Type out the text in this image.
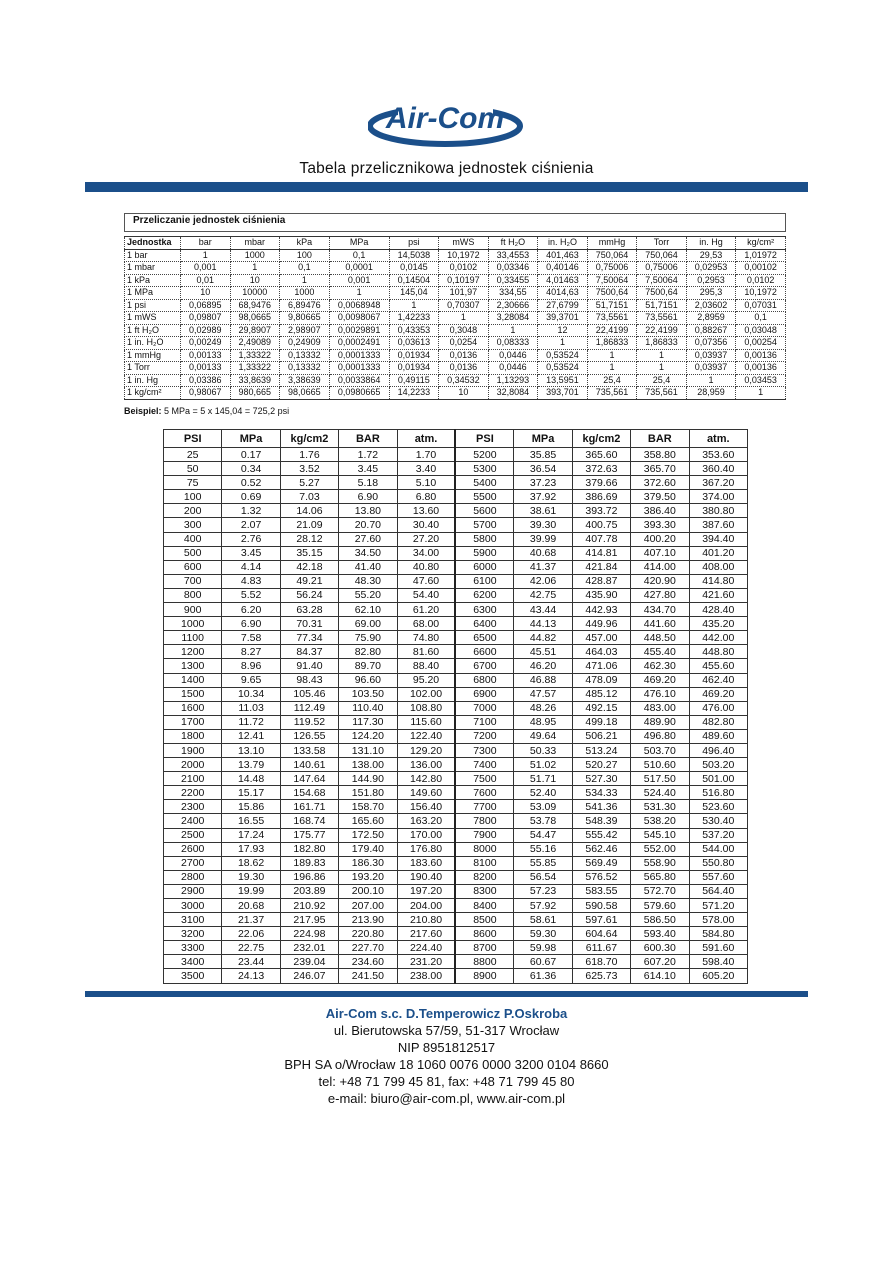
Air-Com
Tabela przelicznikowa jednostek ciśnienia
Przeliczanie jednostek ciśnienia
Jednostka	bar	mbar	kPa	MPa	psi	mWS	ft H₂O	in. H₂O	mmHg	Torr	in. Hg	kg/cm²
1 bar	1	1000	100	0,1	14,5038	10,1972	33,4553	401,463	750,064	750,064	29,53	1,01972
1 mbar	0,001	1	0,1	0,0001	0,0145	0,0102	0,03346	0,40146	0,75006	0,75006	0,02953	0,00102
1 kPa	0,01	10	1	0,001	0,14504	0,10197	0,33455	4,01463	7,50064	7,50064	0,2953	0,0102
1 MPa	10	10000	1000	1	145,04	101,97	334,55	4014,63	7500,64	7500,64	295,3	10,1972
1 psi	0,06895	68,9476	6,89476	0,0068948	1	0,70307	2,30666	27,6799	51,7151	51,7151	2,03602	0,07031
1 mWS	0,09807	98,0665	9,80665	0,0098067	1,42233	1	3,28084	39,3701	73,5561	73,5561	2,8959	0,1
1 ft H₂O	0,02989	29,8907	2,98907	0,0029891	0,43353	0,3048	1	12	22,4199	22,4199	0,88267	0,03048
1 in. H₂O	0,00249	2,49089	0,24909	0,0002491	0,03613	0,0254	0,08333	1	1,86833	1,86833	0,07356	0,00254
1 mmHg	0,00133	1,33322	0,13332	0,0001333	0,01934	0,0136	0,0446	0,53524	1	1	0,03937	0,00136
1 Torr	0,00133	1,33322	0,13332	0,0001333	0,01934	0,0136	0,0446	0,53524	1	1	0,03937	0,00136
1 in. Hg	0,03386	33,8639	3,38639	0,0033864	0,49115	0,34532	1,13293	13,5951	25,4	25,4	1	0,03453
1 kg/cm²	0,98067	980,665	98,0665	0,0980665	14,2233	10	32,8084	393,701	735,561	735,561	28,959	1
Beispiel: 5 MPa = 5 x 145,04 = 725,2 psi
PSI	MPa	kg/cm2	BAR	atm.	PSI	MPa	kg/cm2	BAR	atm.
25	0.17	1.76	1.72	1.70	5200	35.85	365.60	358.80	353.60
50	0.34	3.52	3.45	3.40	5300	36.54	372.63	365.70	360.40
75	0.52	5.27	5.18	5.10	5400	37.23	379.66	372.60	367.20
100	0.69	7.03	6.90	6.80	5500	37.92	386.69	379.50	374.00
200	1.32	14.06	13.80	13.60	5600	38.61	393.72	386.40	380.80
300	2.07	21.09	20.70	30.40	5700	39.30	400.75	393.30	387.60
400	2.76	28.12	27.60	27.20	5800	39.99	407.78	400.20	394.40
500	3.45	35.15	34.50	34.00	5900	40.68	414.81	407.10	401.20
600	4.14	42.18	41.40	40.80	6000	41.37	421.84	414.00	408.00
700	4.83	49.21	48.30	47.60	6100	42.06	428.87	420.90	414.80
800	5.52	56.24	55.20	54.40	6200	42.75	435.90	427.80	421.60
900	6.20	63.28	62.10	61.20	6300	43.44	442.93	434.70	428.40
1000	6.90	70.31	69.00	68.00	6400	44.13	449.96	441.60	435.20
1100	7.58	77.34	75.90	74.80	6500	44.82	457.00	448.50	442.00
1200	8.27	84.37	82.80	81.60	6600	45.51	464.03	455.40	448.80
1300	8.96	91.40	89.70	88.40	6700	46.20	471.06	462.30	455.60
1400	9.65	98.43	96.60	95.20	6800	46.88	478.09	469.20	462.40
1500	10.34	105.46	103.50	102.00	6900	47.57	485.12	476.10	469.20
1600	11.03	112.49	110.40	108.80	7000	48.26	492.15	483.00	476.00
1700	11.72	119.52	117.30	115.60	7100	48.95	499.18	489.90	482.80
1800	12.41	126.55	124.20	122.40	7200	49.64	506.21	496.80	489.60
1900	13.10	133.58	131.10	129.20	7300	50.33	513.24	503.70	496.40
2000	13.79	140.61	138.00	136.00	7400	51.02	520.27	510.60	503.20
2100	14.48	147.64	144.90	142.80	7500	51.71	527.30	517.50	501.00
2200	15.17	154.68	151.80	149.60	7600	52.40	534.33	524.40	516.80
2300	15.86	161.71	158.70	156.40	7700	53.09	541.36	531.30	523.60
2400	16.55	168.74	165.60	163.20	7800	53.78	548.39	538.20	530.40
2500	17.24	175.77	172.50	170.00	7900	54.47	555.42	545.10	537.20
2600	17.93	182.80	179.40	176.80	8000	55.16	562.46	552.00	544.00
2700	18.62	189.83	186.30	183.60	8100	55.85	569.49	558.90	550.80
2800	19.30	196.86	193.20	190.40	8200	56.54	576.52	565.80	557.60
2900	19.99	203.89	200.10	197.20	8300	57.23	583.55	572.70	564.40
3000	20.68	210.92	207.00	204.00	8400	57.92	590.58	579.60	571.20
3100	21.37	217.95	213.90	210.80	8500	58.61	597.61	586.50	578.00
3200	22.06	224.98	220.80	217.60	8600	59.30	604.64	593.40	584.80
3300	22.75	232.01	227.70	224.40	8700	59.98	611.67	600.30	591.60
3400	23.44	239.04	234.60	231.20	8800	60.67	618.70	607.20	598.40
3500	24.13	246.07	241.50	238.00	8900	61.36	625.73	614.10	605.20
Air-Com s.c. D.Temperowicz P.Oskroba
ul. Bierutowska 57/59, 51-317 Wrocław
NIP 8951812517
BPH SA o/Wrocław 18 1060 0076 0000 3200 0104 8660
tel: +48 71 799 45 81, fax: +48 71 799 45 80
e-mail: biuro@air-com.pl, www.air-com.pl
